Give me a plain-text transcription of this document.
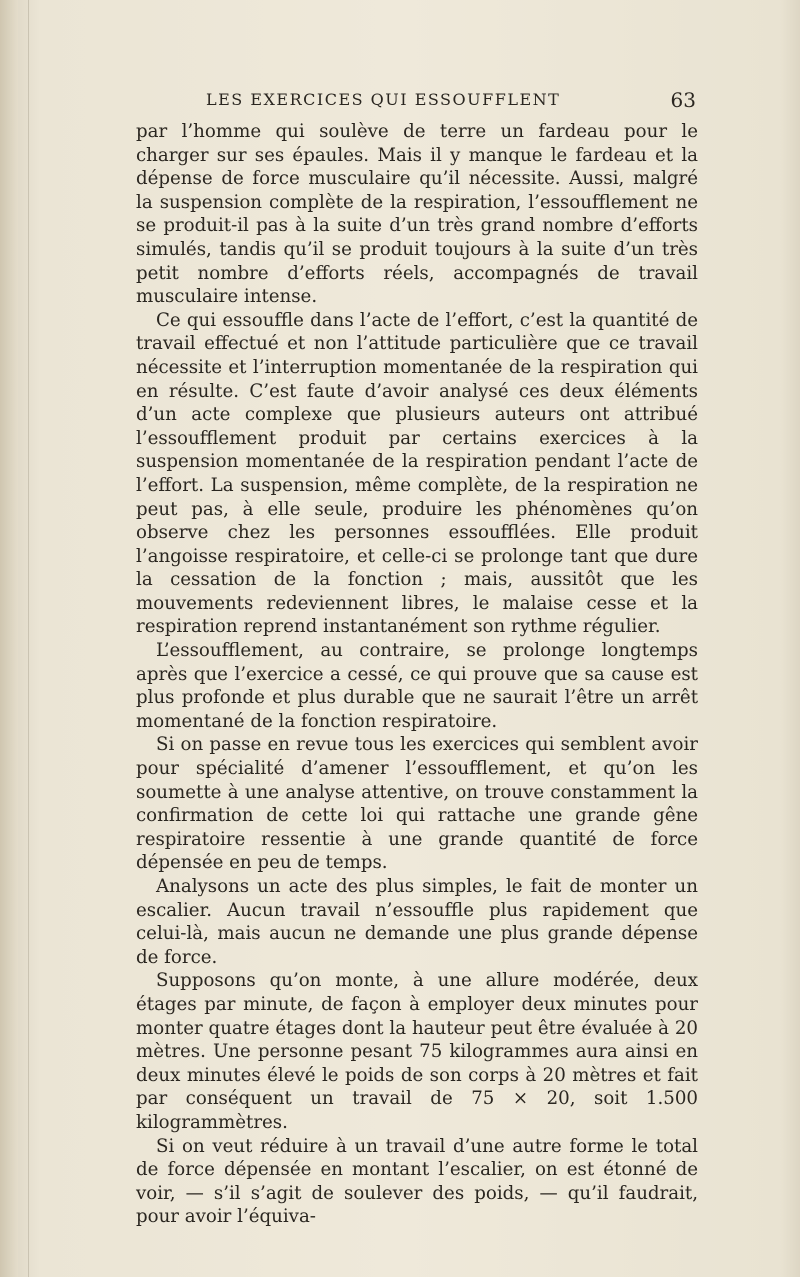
LES EXERCICES QUI ESSOUFFLENT	63

par l’homme qui soulève de terre un fardeau pour le charger sur ses épaules. Mais il y manque le fardeau et la dépense de force musculaire qu’il nécessite. Aussi, malgré la suspension complète de la respiration, l’essoufflement ne se produit-il pas à la suite d’un très grand nombre d’efforts simulés, tandis qu’il se produit toujours à la suite d’un très petit nombre d’efforts réels, accompagnés de travail musculaire intense.

Ce qui essouffle dans l’acte de l’effort, c’est la quantité de travail effectué et non l’attitude particulière que ce travail nécessite et l’interruption momentanée de la respiration qui en résulte. C’est faute d’avoir analysé ces deux éléments d’un acte complexe que plusieurs auteurs ont attribué l’essoufflement produit par certains exercices à la suspension momentanée de la respiration pendant l’acte de l’effort. La suspension, même complète, de la respiration ne peut pas, à elle seule, produire les phénomènes qu’on observe chez les personnes essoufflées. Elle produit l’angoisse respiratoire, et celle-ci se prolonge tant que dure la cessation de la fonction ; mais, aussitôt que les mouvements redeviennent libres, le malaise cesse et la respiration reprend instantanément son rythme régulier.

L’essoufflement, au contraire, se prolonge longtemps après que l’exercice a cessé, ce qui prouve que sa cause est plus profonde et plus durable que ne saurait l’être un arrêt momentané de la fonction respiratoire.

Si on passe en revue tous les exercices qui semblent avoir pour spécialité d’amener l’essoufflement, et qu’on les soumette à une analyse attentive, on trouve constamment la confirmation de cette loi qui rattache une grande gêne respiratoire ressentie à une grande quantité de force dépensée en peu de temps.

Analysons un acte des plus simples, le fait de monter un escalier. Aucun travail n’essouffle plus rapidement que celui-là, mais aucun ne demande une plus grande dépense de force.

Supposons qu’on monte, à une allure modérée, deux étages par minute, de façon à employer deux minutes pour monter quatre étages dont la hauteur peut être évaluée à 20 mètres. Une personne pesant 75 kilogrammes aura ainsi en deux minutes élevé le poids de son corps à 20 mètres et fait par conséquent un travail de 75 × 20, soit 1.500 kilogrammètres.

Si on veut réduire à un travail d’une autre forme le total de force dépensée en montant l’escalier, on est étonné de voir, — s’il s’agit de soulever des poids, — qu’il faudrait, pour avoir l’équiva-
